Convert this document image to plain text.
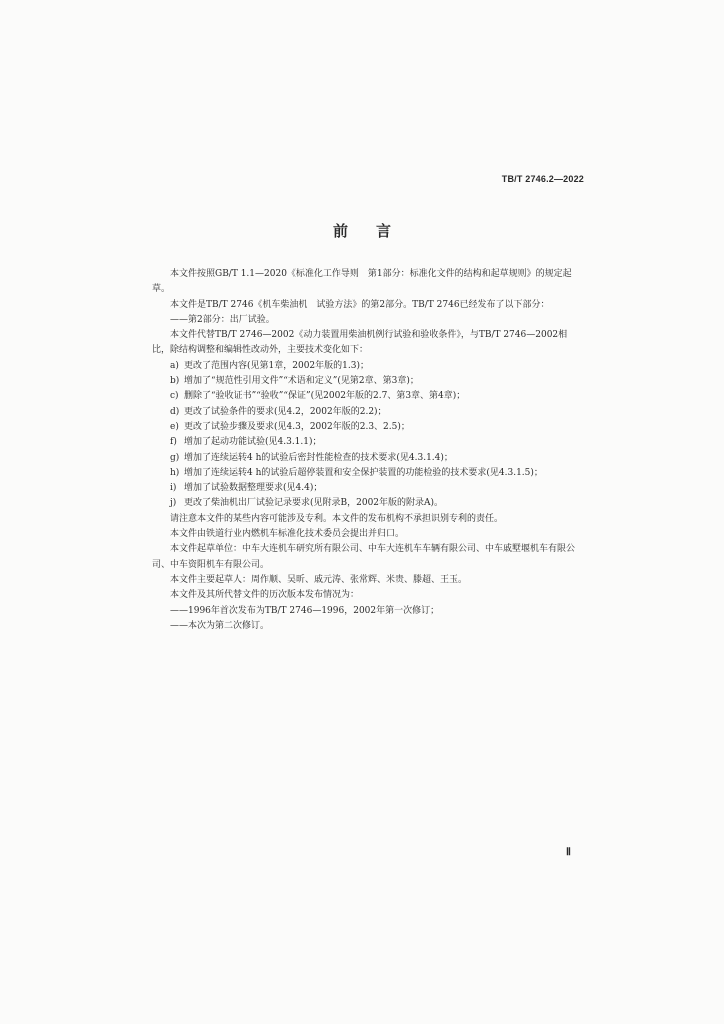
TB/T 2746.2—2022
前言

本文件按照GB/T 1.1—2020《标准化工作导则　第1部分：标准化文件的结构和起草规则》的规定起草。

本文件是TB/T 2746《机车柴油机　试验方法》的第2部分。TB/T 2746已经发布了以下部分：

——第2部分：出厂试验。

本文件代替TB/T 2746—2002《动力装置用柴油机例行试验和验收条件》，与TB/T 2746—2002相比，除结构调整和编辑性改动外，主要技术变化如下：

a) 更改了范围内容(见第1章，2002年版的1.3)；

b) 增加了“规范性引用文件”“术语和定义”(见第2章、第3章)；

c) 删除了“验收证书”“验收”“保证”(见2002年版的2.7、第3章、第4章)；

d) 更改了试验条件的要求(见4.2，2002年版的2.2)；

e) 更改了试验步骤及要求(见4.3，2002年版的2.3、2.5)；

f) 增加了起动功能试验(见4.3.1.1)；

g) 增加了连续运转4 h的试验后密封性能检查的技术要求(见4.3.1.4)；

h) 增加了连续运转4 h的试验后超停装置和安全保护装置的功能检验的技术要求(见4.3.1.5)；

i) 增加了试验数据整理要求(见4.4)；

j) 更改了柴油机出厂试验记录要求(见附录B，2002年版的附录A)。

请注意本文件的某些内容可能涉及专利。本文件的发布机构不承担识别专利的责任。

本文件由铁道行业内燃机车标准化技术委员会提出并归口。

本文件起草单位：中车大连机车研究所有限公司、中车大连机车车辆有限公司、中车戚墅堰机车有限公司、中车资阳机车有限公司。

本文件主要起草人：周作顺、吴昕、戚元涛、张常辉、米贵、滕超、王玉。

本文件及其所代替文件的历次版本发布情况为：

——1996年首次发布为TB/T 2746—1996，2002年第一次修订；

——本次为第二次修订。

Ⅱ
